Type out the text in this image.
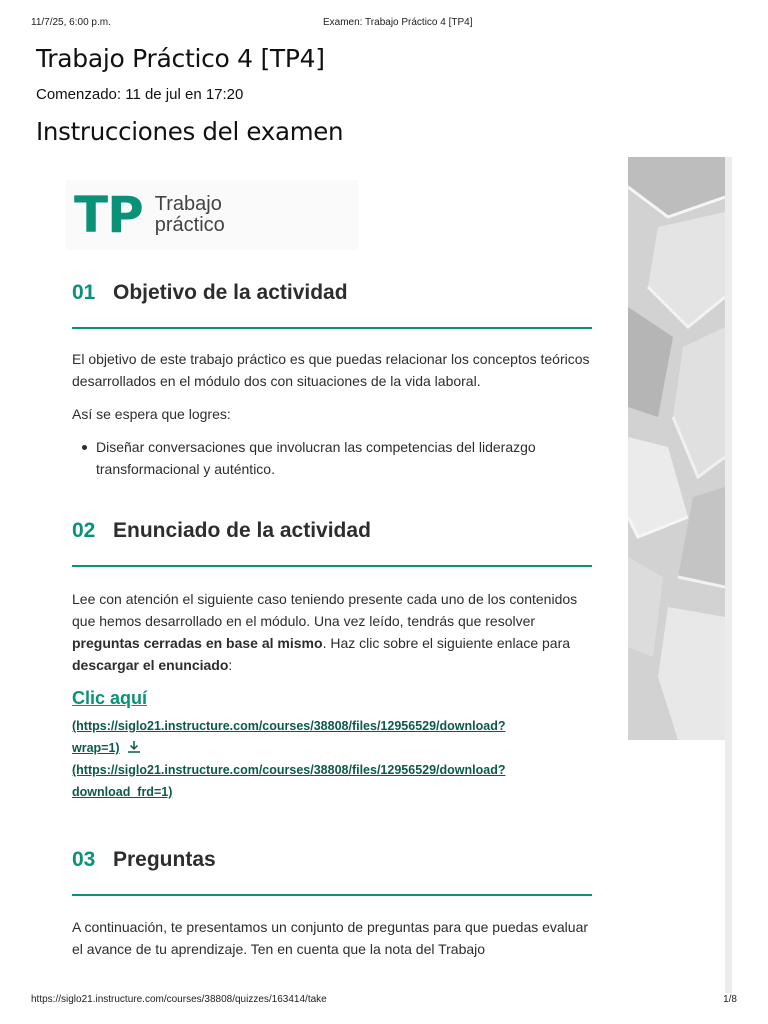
11/7/25, 6:00 p.m.	Examen: Trabajo Práctico 4 [TP4]
Trabajo Práctico 4 [TP4]
Comenzado: 11 de jul en 17:20
Instrucciones del examen
TP Trabajo
práctico
01 Objetivo de la actividad

El objetivo de este trabajo práctico es que puedas relacionar los conceptos teóricos desarrollados en el módulo dos con situaciones de la vida laboral.

Así se espera que logres:

Diseñar conversaciones que involucran las competencias del liderazgo transformacional y auténtico.
02 Enunciado de la actividad

Lee con atención el siguiente caso teniendo presente cada uno de los contenidos que hemos desarrollado en el módulo. Una vez leído, tendrás que resolver preguntas cerradas en base al mismo. Haz clic sobre el siguiente enlace para descargar el enunciado:

Clic aquí
(https://siglo21.instructure.com/courses/38808/files/12956529/download?
wrap=1)
(https://siglo21.instructure.com/courses/38808/files/12956529/download?
download_frd=1)
03 Preguntas

A continuación, te presentamos un conjunto de preguntas para que puedas evaluar el avance de tu aprendizaje. Ten en cuenta que la nota del Trabajo

https://siglo21.instructure.com/courses/38808/quizzes/163414/take	1/8
